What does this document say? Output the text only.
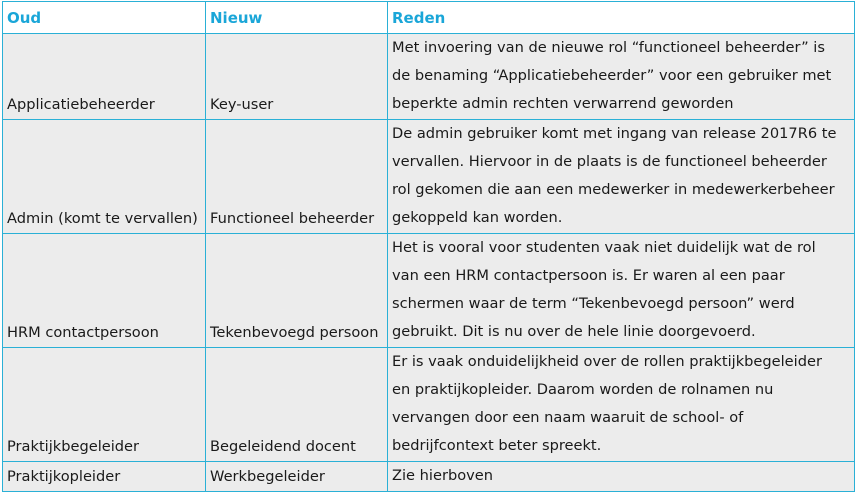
Oud	Nieuw	Reden
Applicatiebeheerder	Key-user	Met invoering van de nieuwe rol “functioneel beheerder” is
de benaming “Applicatiebeheerder” voor een gebruiker met
beperkte admin rechten verwarrend geworden

Admin (komt te vervallen)	Functioneel beheerder	De admin gebruiker komt met ingang van release 2017R6 te
vervallen. Hiervoor in de plaats is de functioneel beheerder
rol gekomen die aan een medewerker in medewerkerbeheer
gekoppeld kan worden.

HRM contactpersoon	Tekenbevoegd persoon	Het is vooral voor studenten vaak niet duidelijk wat de rol
van een HRM contactpersoon is. Er waren al een paar
schermen waar de term “Tekenbevoegd persoon” werd
gebruikt. Dit is nu over de hele linie doorgevoerd.

Praktijkbegeleider	Begeleidend docent	Er is vaak onduidelijkheid over de rollen praktijkbegeleider
en praktijkopleider. Daarom worden de rolnamen nu
vervangen door een naam waaruit de school- of
bedrijfcontext beter spreekt.

Praktijkopleider	Werkbegeleider	Zie hierboven
